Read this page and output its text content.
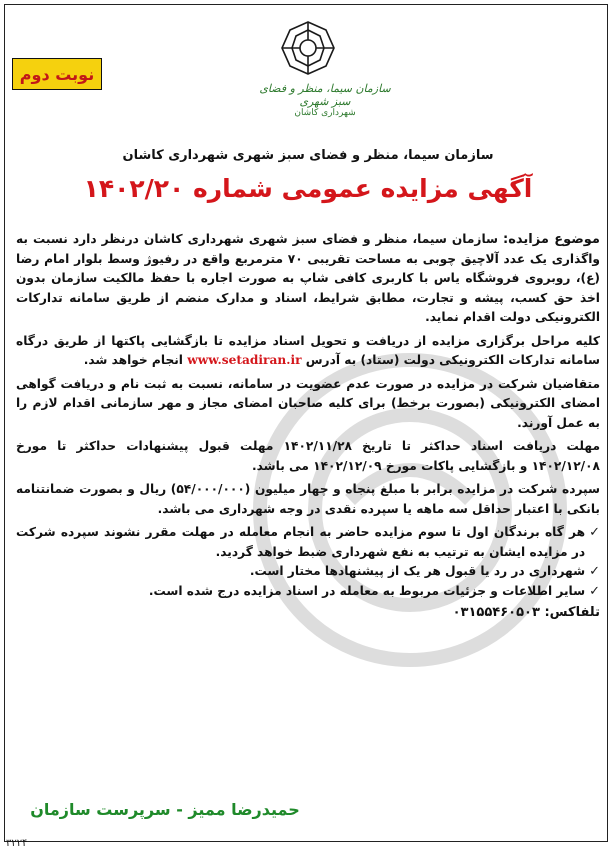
نوبت دوم
سازمان سیما، منظر و فضای سبز شهری
شهرداری کاشان
سازمان سیما، منظر و فضای سبز شهری شهرداری کاشان
آگهی مزایده عمومی شماره ۱۴۰۲/۲۰

موضوع مزایده: سازمان سیما، منظر و فضای سبز شهری شهرداری کاشان درنظر دارد نسبت به واگذاری یک عدد آلاچیق چوبی به مساحت تقریبی ۷۰ مترمربع واقع در رفیوژ وسط بلوار امام رضا (ع)، روبروی فروشگاه یاس با کاربری کافی شاپ به صورت اجاره با حفظ مالکیت سازمان بدون اخذ حق کسب، پیشه و تجارت، مطابق شرایط، اسناد و مدارک منضم از طریق سامانه تدارکات الکترونیکی دولت اقدام نماید.

کلیه مراحل برگزاری مزایده از دریافت و تحویل اسناد مزایده تا بازگشایی پاکتها از طریق درگاه سامانه تدارکات الکترونیکی دولت (ستاد) به آدرس www.setadiran.ir انجام خواهد شد.

متقاضیان شرکت در مزایده در صورت عدم عضویت در سامانه، نسبت به ثبت نام و دریافت گواهی امضای الکترونیکی (بصورت برخط) برای کلیه صاحبان امضای مجاز و مهر سازمانی اقدام لازم را به عمل آورند.

مهلت دریافت اسناد حداکثر تا تاریخ ۱۴۰۲/۱۱/۲۸ مهلت قبول پیشنهادات حداکثر تا مورخ ۱۴۰۲/۱۲/۰۸ و بازگشایی پاکات مورخ ۱۴۰۲/۱۲/۰۹ می باشد.

سپرده شرکت در مزایده برابر با مبلغ پنجاه و چهار میلیون (۵۴/۰۰۰/۰۰۰) ریال و بصورت ضمانتنامه بانکی با اعتبار حداقل سه ماهه یا سپرده نقدی در وجه شهرداری می باشد.

✓
هر گاه برندگان اول تا سوم مزایده حاضر به انجام معامله در مهلت مقرر نشوند سپرده شرکت در مزایده ایشان به ترتیب به نفع شهرداری ضبط خواهد گردید.
✓
شهرداری در رد یا قبول هر یک از پیشنهادها مختار است.
✓
سایر اطلاعات و جزئیات مربوط به معامله در اسناد مزایده درج شده است.
تلفاکس: ۰۳۱۵۵۴۶۰۵۰۳
حمیدرضا ممیز - سرپرست سازمان
۳۲۲۴
